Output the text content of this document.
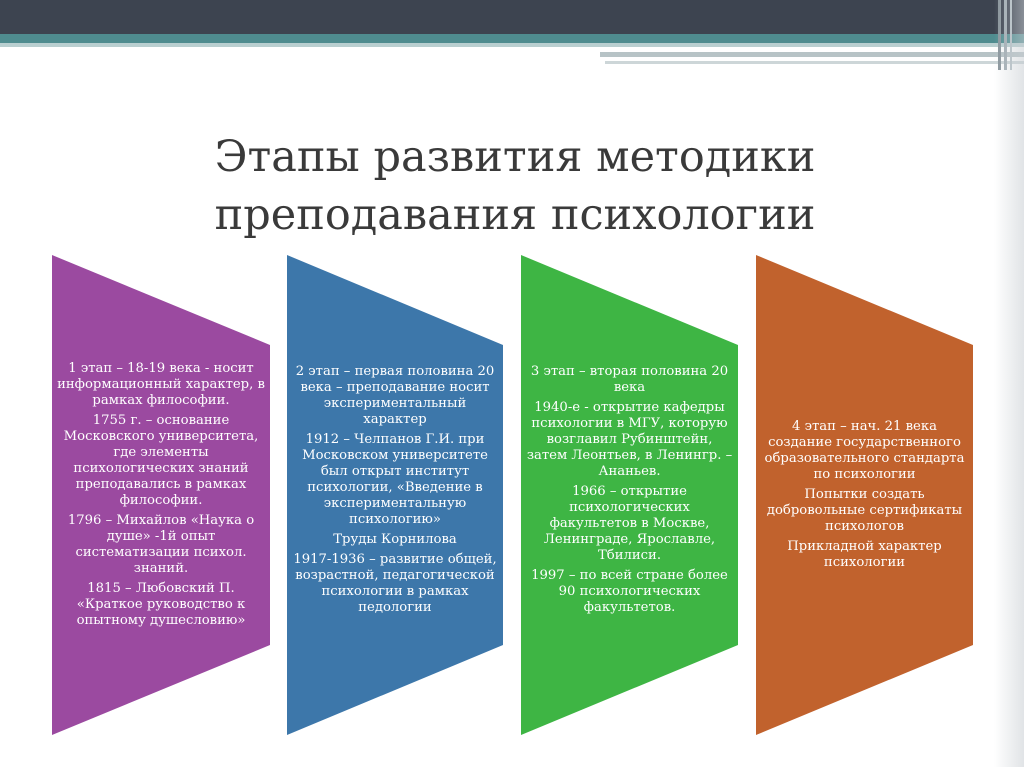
Этапы развития методики
преподавания психологии

1 этап – 18-19 века - носит информационный характер, в рамках философии.

1755 г. – основание Московского университета, где элементы психологических знаний преподавались в рамках философии.

1796 – Михайлов «Наука о душе» -1й опыт систематизации психол. знаний.

1815 – Любовский П. «Краткое руководство к опытному душесловию»

2 этап – первая половина 20 века – преподавание носит экспериментальный характер

1912 – Челпанов Г.И. при Московском университете был открыт институт психологии, «Введение в экспериментальную психологию»

Труды Корнилова

1917-1936 – развитие общей, возрастной, педагогической психологии в рамках педологии

3 этап – вторая половина 20 века

1940-е - открытие кафедры психологии в МГУ, которую возглавил Рубинштейн, затем Леонтьев, в Ленингр. – Ананьев.

1966 – открытие психологических факультетов в Москве, Ленинграде, Ярославле, Тбилиси.

1997 – по всей стране более 90 психологических факультетов.

4 этап – нач. 21 века создание государственного образовательного стандарта по психологии

Попытки создать добровольные сертификаты психологов

Прикладной характер психологии
